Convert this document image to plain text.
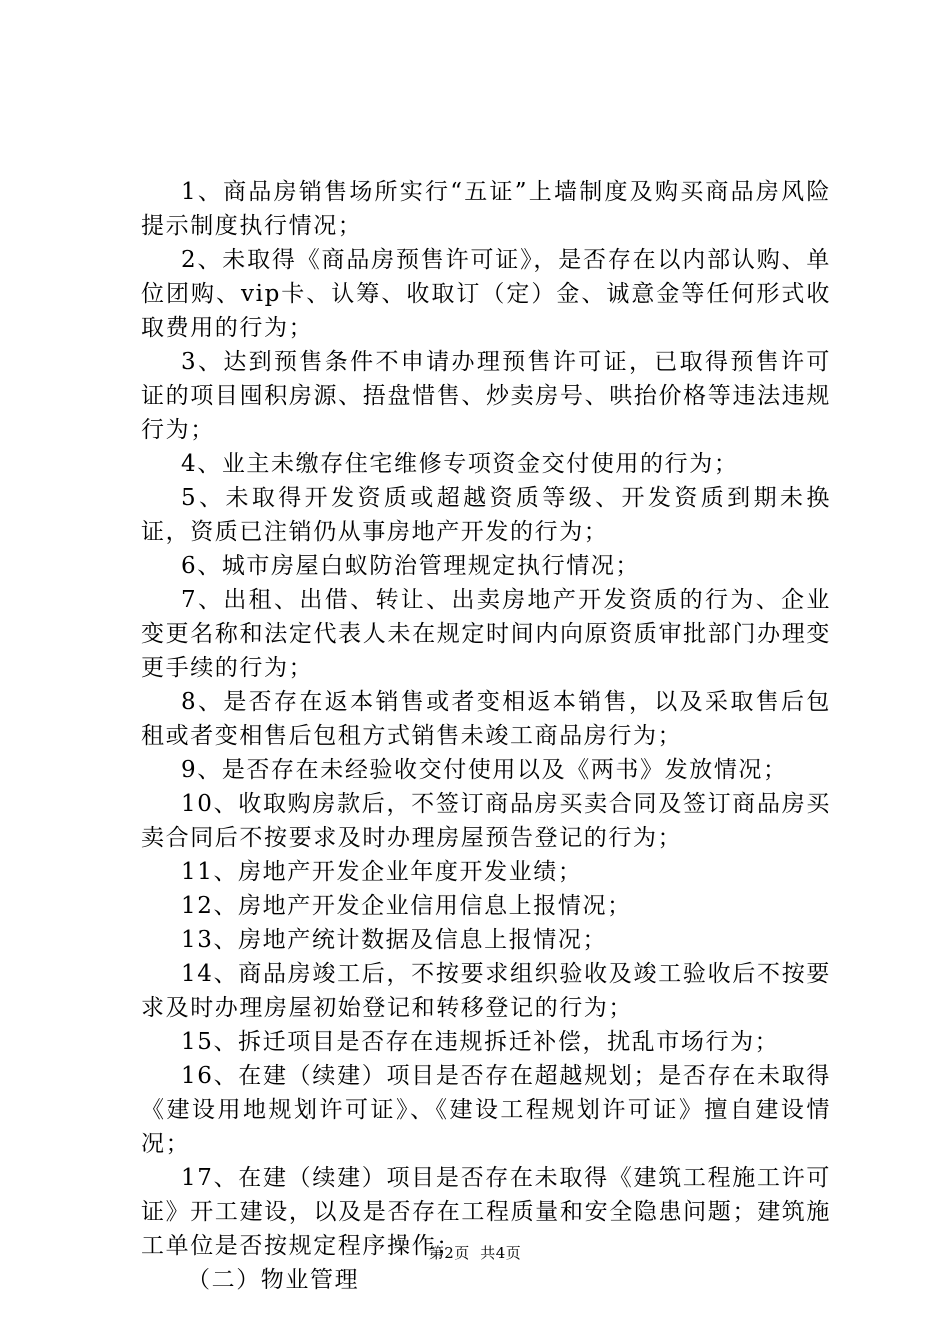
1、商品房销售场所实行“五证”上墙制度及购买商品房风险提示制度执行情况；

2、未取得《商品房预售许可证》，是否存在以内部认购、单位团购、vip卡、认筹、收取订（定）金、诚意金等任何形式收取费用的行为；

3、达到预售条件不申请办理预售许可证，已取得预售许可证的项目囤积房源、捂盘惜售、炒卖房号、哄抬价格等违法违规行为；

4、业主未缴存住宅维修专项资金交付使用的行为；

5、未取得开发资质或超越资质等级、开发资质到期未换证，资质已注销仍从事房地产开发的行为；

6、城市房屋白蚁防治管理规定执行情况；

7、出租、出借、转让、出卖房地产开发资质的行为、企业变更名称和法定代表人未在规定时间内向原资质审批部门办理变更手续的行为；

8、是否存在返本销售或者变相返本销售，以及采取售后包租或者变相售后包租方式销售未竣工商品房行为；

9、是否存在未经验收交付使用以及《两书》发放情况；

10、收取购房款后，不签订商品房买卖合同及签订商品房买卖合同后不按要求及时办理房屋预告登记的行为；

11、房地产开发企业年度开发业绩；

12、房地产开发企业信用信息上报情况；

13、房地产统计数据及信息上报情况；

14、商品房竣工后，不按要求组织验收及竣工验收后不按要求及时办理房屋初始登记和转移登记的行为；

15、拆迁项目是否存在违规拆迁补偿，扰乱市场行为；

16、在建（续建）项目是否存在超越规划；是否存在未取得《建设用地规划许可证》、《建设工程规划许可证》擅自建设情况；

17、在建（续建）项目是否存在未取得《建筑工程施工许可证》开工建设，以及是否存在工程质量和安全隐患问题；建筑施工单位是否按规定程序操作；

（二）物业管理

第2页  共4页
